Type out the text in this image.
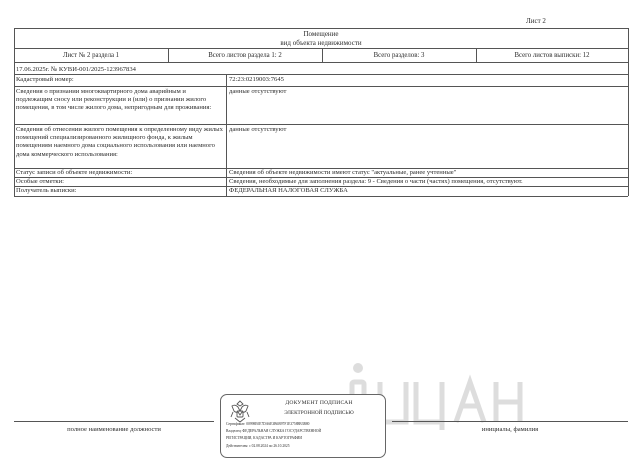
Лист 2
Помещение
вид объекта недвижимости
Лист № 2 раздела 1	Всего листов раздела 1: 2	Всего разделов: 3	Всего листов выписки: 12
17.06.2025г. № КУВИ-001/2025-123967834
Кадастровый номер:	72:23:0219003:7645
Сведения о признании многоквартирного дома аварийным и подлежащим сносу или реконструкции и (или) о признании жилого помещения, в том числе жилого дома, непригодным для проживания:
данные отсутствуют
Сведения об отнесении жилого помещения к определенному виду жилых помещений специализированного жилищного фонда, к жилым помещениям наемного дома социального использования или наемного дома коммерческого использования:
данные отсутствуют
Статус записи об объекте недвижимости:	Сведения об объекте недвижимости имеют статус "актуальные, ранее учтенные"
Особые отметки:	Сведения, необходимые для заполнения раздела: 9 - Сведения о части (частях) помещения, отсутствуют.
Получатель выписки:	ФЕДЕРАЛЬНАЯ НАЛОГОВАЯ СЛУЖБА
полное наименование должности	инициалы, фамилия
ДОКУМЕНТ ПОДПИСАН
ЭЛЕКТРОННОЙ ПОДПИСЬЮ
Сертификат: 00998E0E7DA6E3B6B97F1E37588B3B80
Владелец: ФЕДЕРАЛЬНАЯ СЛУЖБА ГОСУДАРСТВЕННОЙ
РЕГИСТРАЦИИ, КАДАСТРА И КАРТОГРАФИИ
Действителен: с 02.08.2024 по 26.10.2025
